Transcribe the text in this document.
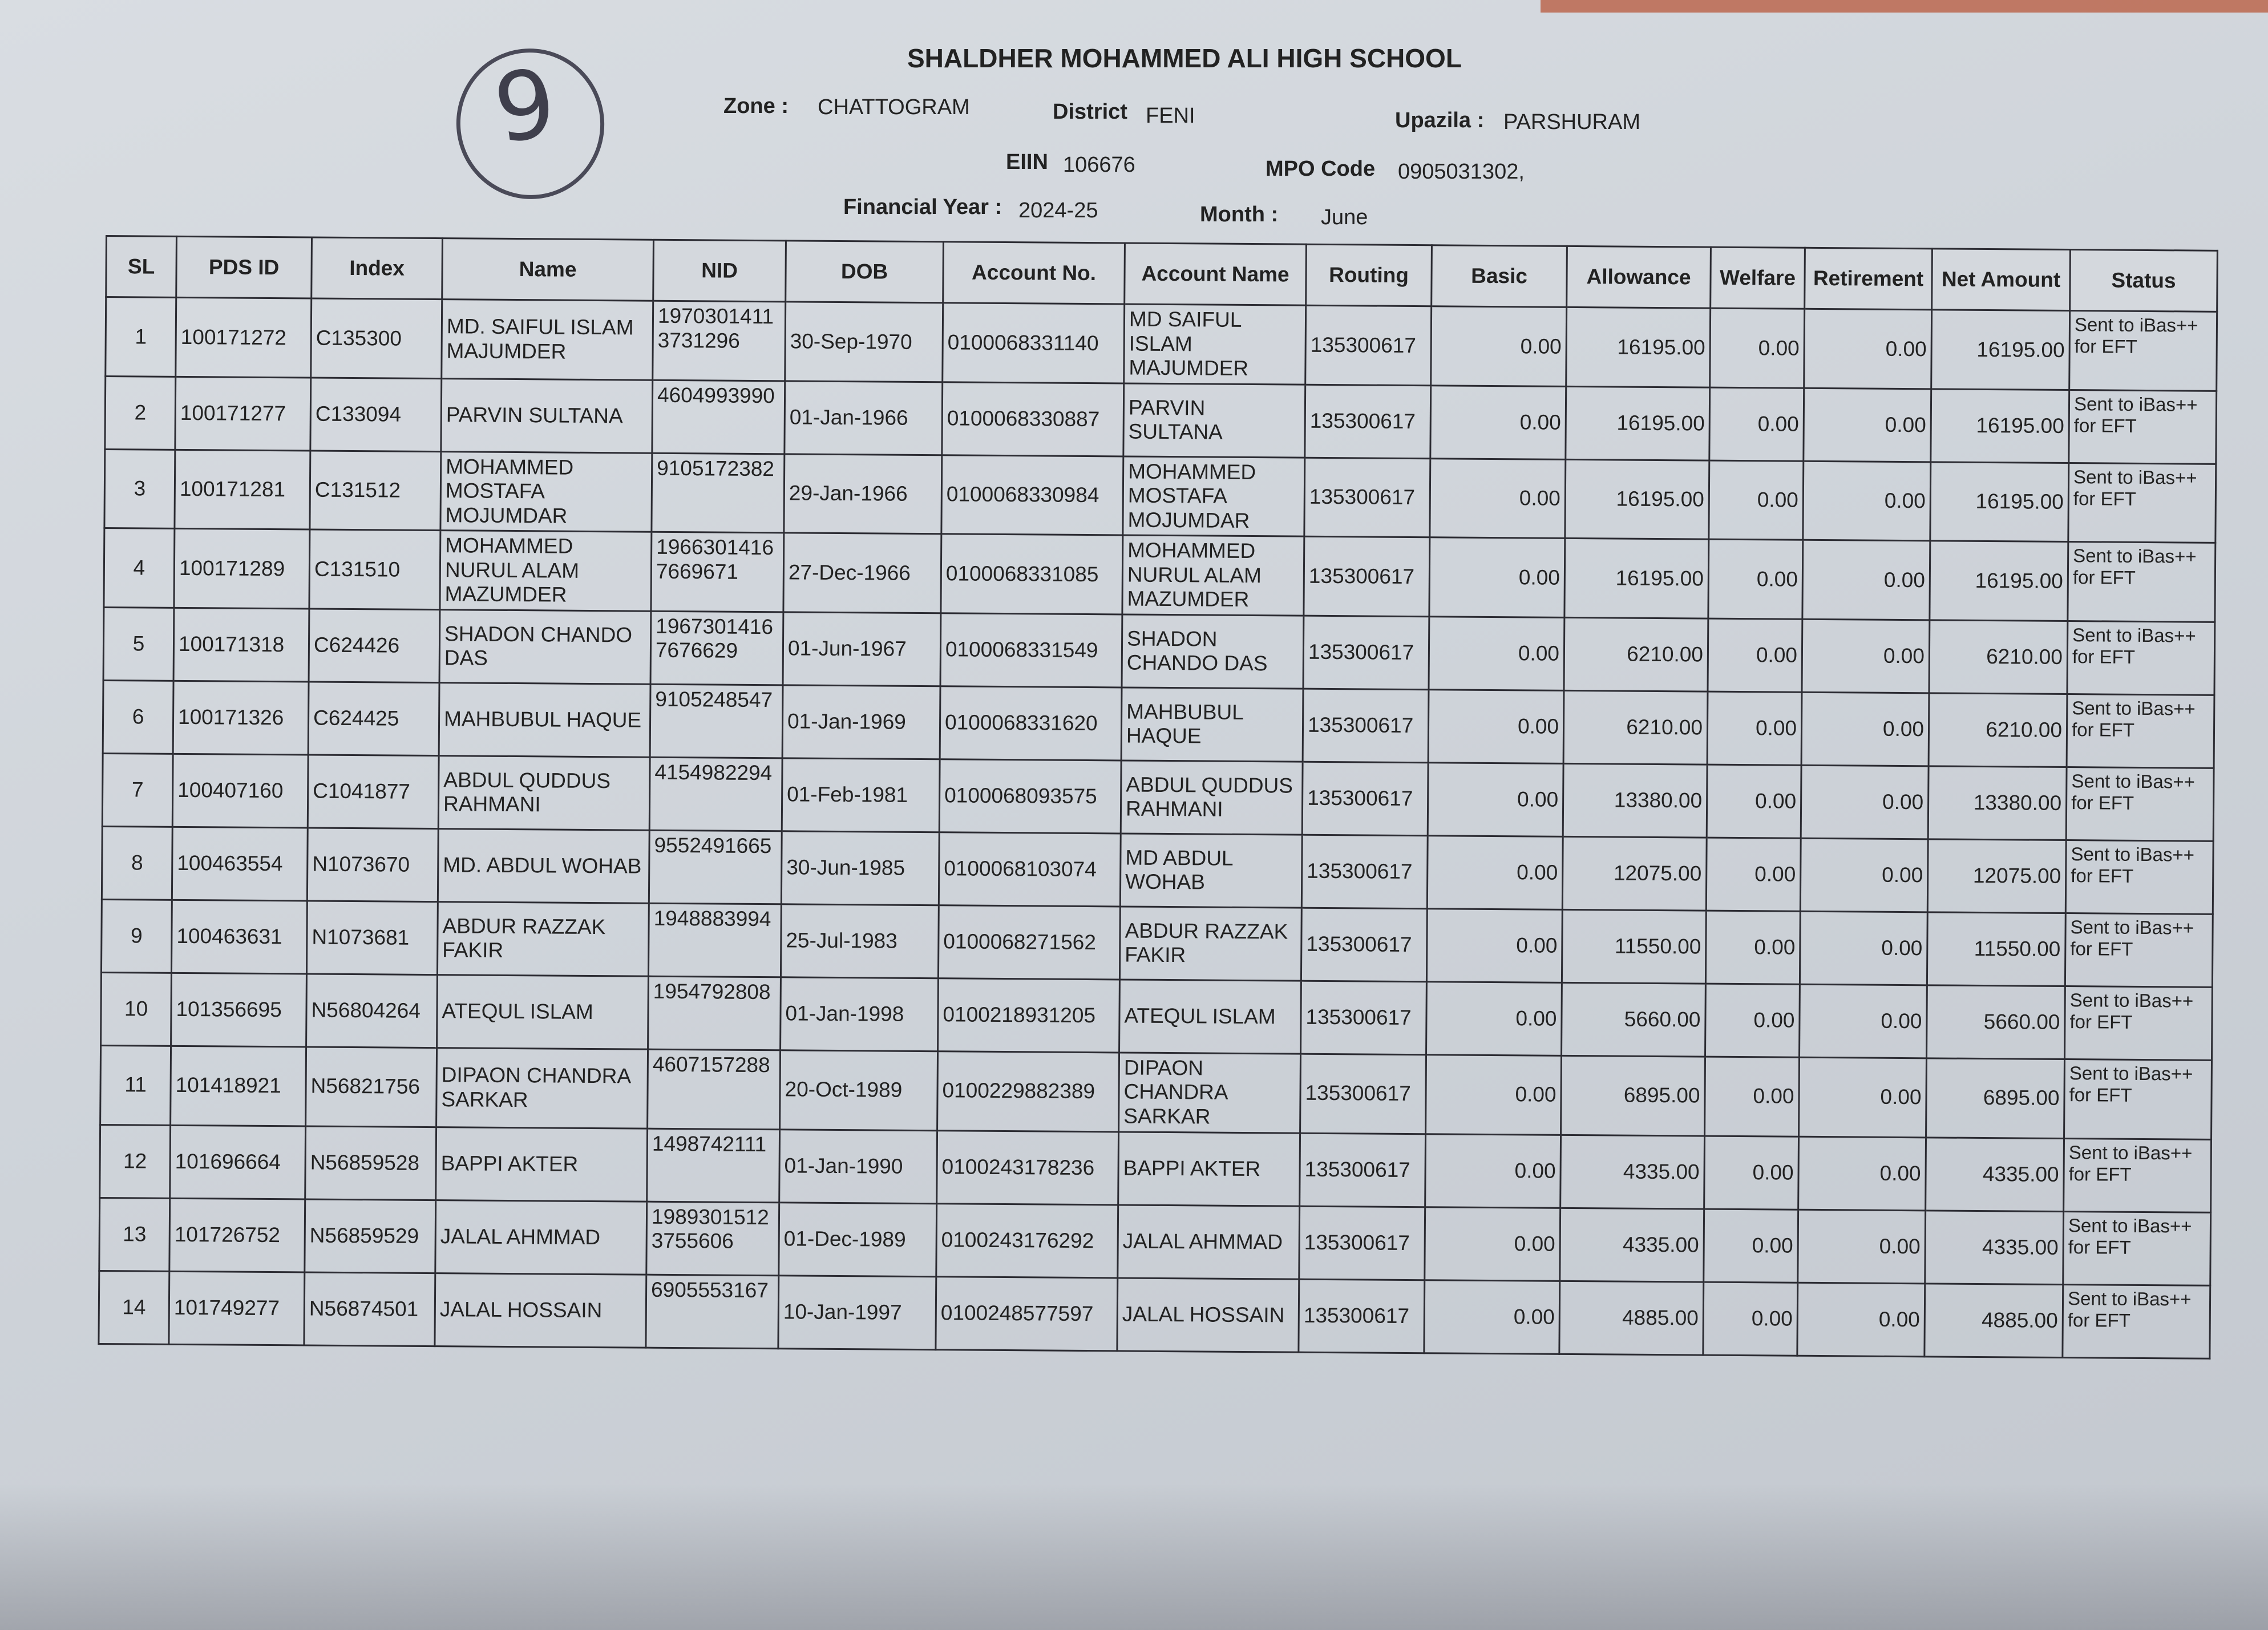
9	SHALDHER MOHAMMED ALI HIGH SCHOOL
Zone : CHATTOGRAM	District FENI	Upazila : PARSHURAM
EIIN 106676	MPO Code 0905031302,
Financial Year : 2024-25	Month : June
SL	PDS ID	Index	Name	NID	DOB	Account No.	Account Name	Routing	Basic	Allowance	Welfare	Retirement	Net Amount	Status
1	100171272	C135300	MD. SAIFUL ISLAM MAJUMDER	1970301411 3731296	30-Sep-1970	0100068331140	MD SAIFUL ISLAM MAJUMDER	135300617	0.00	16195.00	0.00	0.00	16195.00	Sent to iBas++ for EFT
2	100171277	C133094	PARVIN SULTANA	4604993990	01-Jan-1966	0100068330887	PARVIN SULTANA	135300617	0.00	16195.00	0.00	0.00	16195.00	Sent to iBas++ for EFT
3	100171281	C131512	MOHAMMED MOSTAFA MOJUMDAR	9105172382	29-Jan-1966	0100068330984	MOHAMMED MOSTAFA MOJUMDAR	135300617	0.00	16195.00	0.00	0.00	16195.00	Sent to iBas++ for EFT
4	100171289	C131510	MOHAMMED NURUL ALAM MAZUMDER	1966301416 7669671	27-Dec-1966	0100068331085	MOHAMMED NURUL ALAM MAZUMDER	135300617	0.00	16195.00	0.00	0.00	16195.00	Sent to iBas++ for EFT
5	100171318	C624426	SHADON CHANDO DAS	1967301416 7676629	01-Jun-1967	0100068331549	SHADON CHANDO DAS	135300617	0.00	6210.00	0.00	0.00	6210.00	Sent to iBas++ for EFT
6	100171326	C624425	MAHBUBUL HAQUE	9105248547	01-Jan-1969	0100068331620	MAHBUBUL HAQUE	135300617	0.00	6210.00	0.00	0.00	6210.00	Sent to iBas++ for EFT
7	100407160	C1041877	ABDUL QUDDUS RAHMANI	4154982294	01-Feb-1981	0100068093575	ABDUL QUDDUS RAHMANI	135300617	0.00	13380.00	0.00	0.00	13380.00	Sent to iBas++ for EFT
8	100463554	N1073670	MD. ABDUL WOHAB	9552491665	30-Jun-1985	0100068103074	MD ABDUL WOHAB	135300617	0.00	12075.00	0.00	0.00	12075.00	Sent to iBas++ for EFT
9	100463631	N1073681	ABDUR RAZZAK FAKIR	1948883994	25-Jul-1983	0100068271562	ABDUR RAZZAK FAKIR	135300617	0.00	11550.00	0.00	0.00	11550.00	Sent to iBas++ for EFT
10	101356695	N56804264	ATEQUL ISLAM	1954792808	01-Jan-1998	0100218931205	ATEQUL ISLAM	135300617	0.00	5660.00	0.00	0.00	5660.00	Sent to iBas++ for EFT
11	101418921	N56821756	DIPAON CHANDRA SARKAR	4607157288	20-Oct-1989	0100229882389	DIPAON CHANDRA SARKAR	135300617	0.00	6895.00	0.00	0.00	6895.00	Sent to iBas++ for EFT
12	101696664	N56859528	BAPPI AKTER	1498742111	01-Jan-1990	0100243178236	BAPPI AKTER	135300617	0.00	4335.00	0.00	0.00	4335.00	Sent to iBas++ for EFT
13	101726752	N56859529	JALAL AHMMAD	1989301512 3755606	01-Dec-1989	0100243176292	JALAL AHMMAD	135300617	0.00	4335.00	0.00	0.00	4335.00	Sent to iBas++ for EFT
14	101749277	N56874501	JALAL HOSSAIN	6905553167	10-Jan-1997	0100248577597	JALAL HOSSAIN	135300617	0.00	4885.00	0.00	0.00	4885.00	Sent to iBas++ for EFT
